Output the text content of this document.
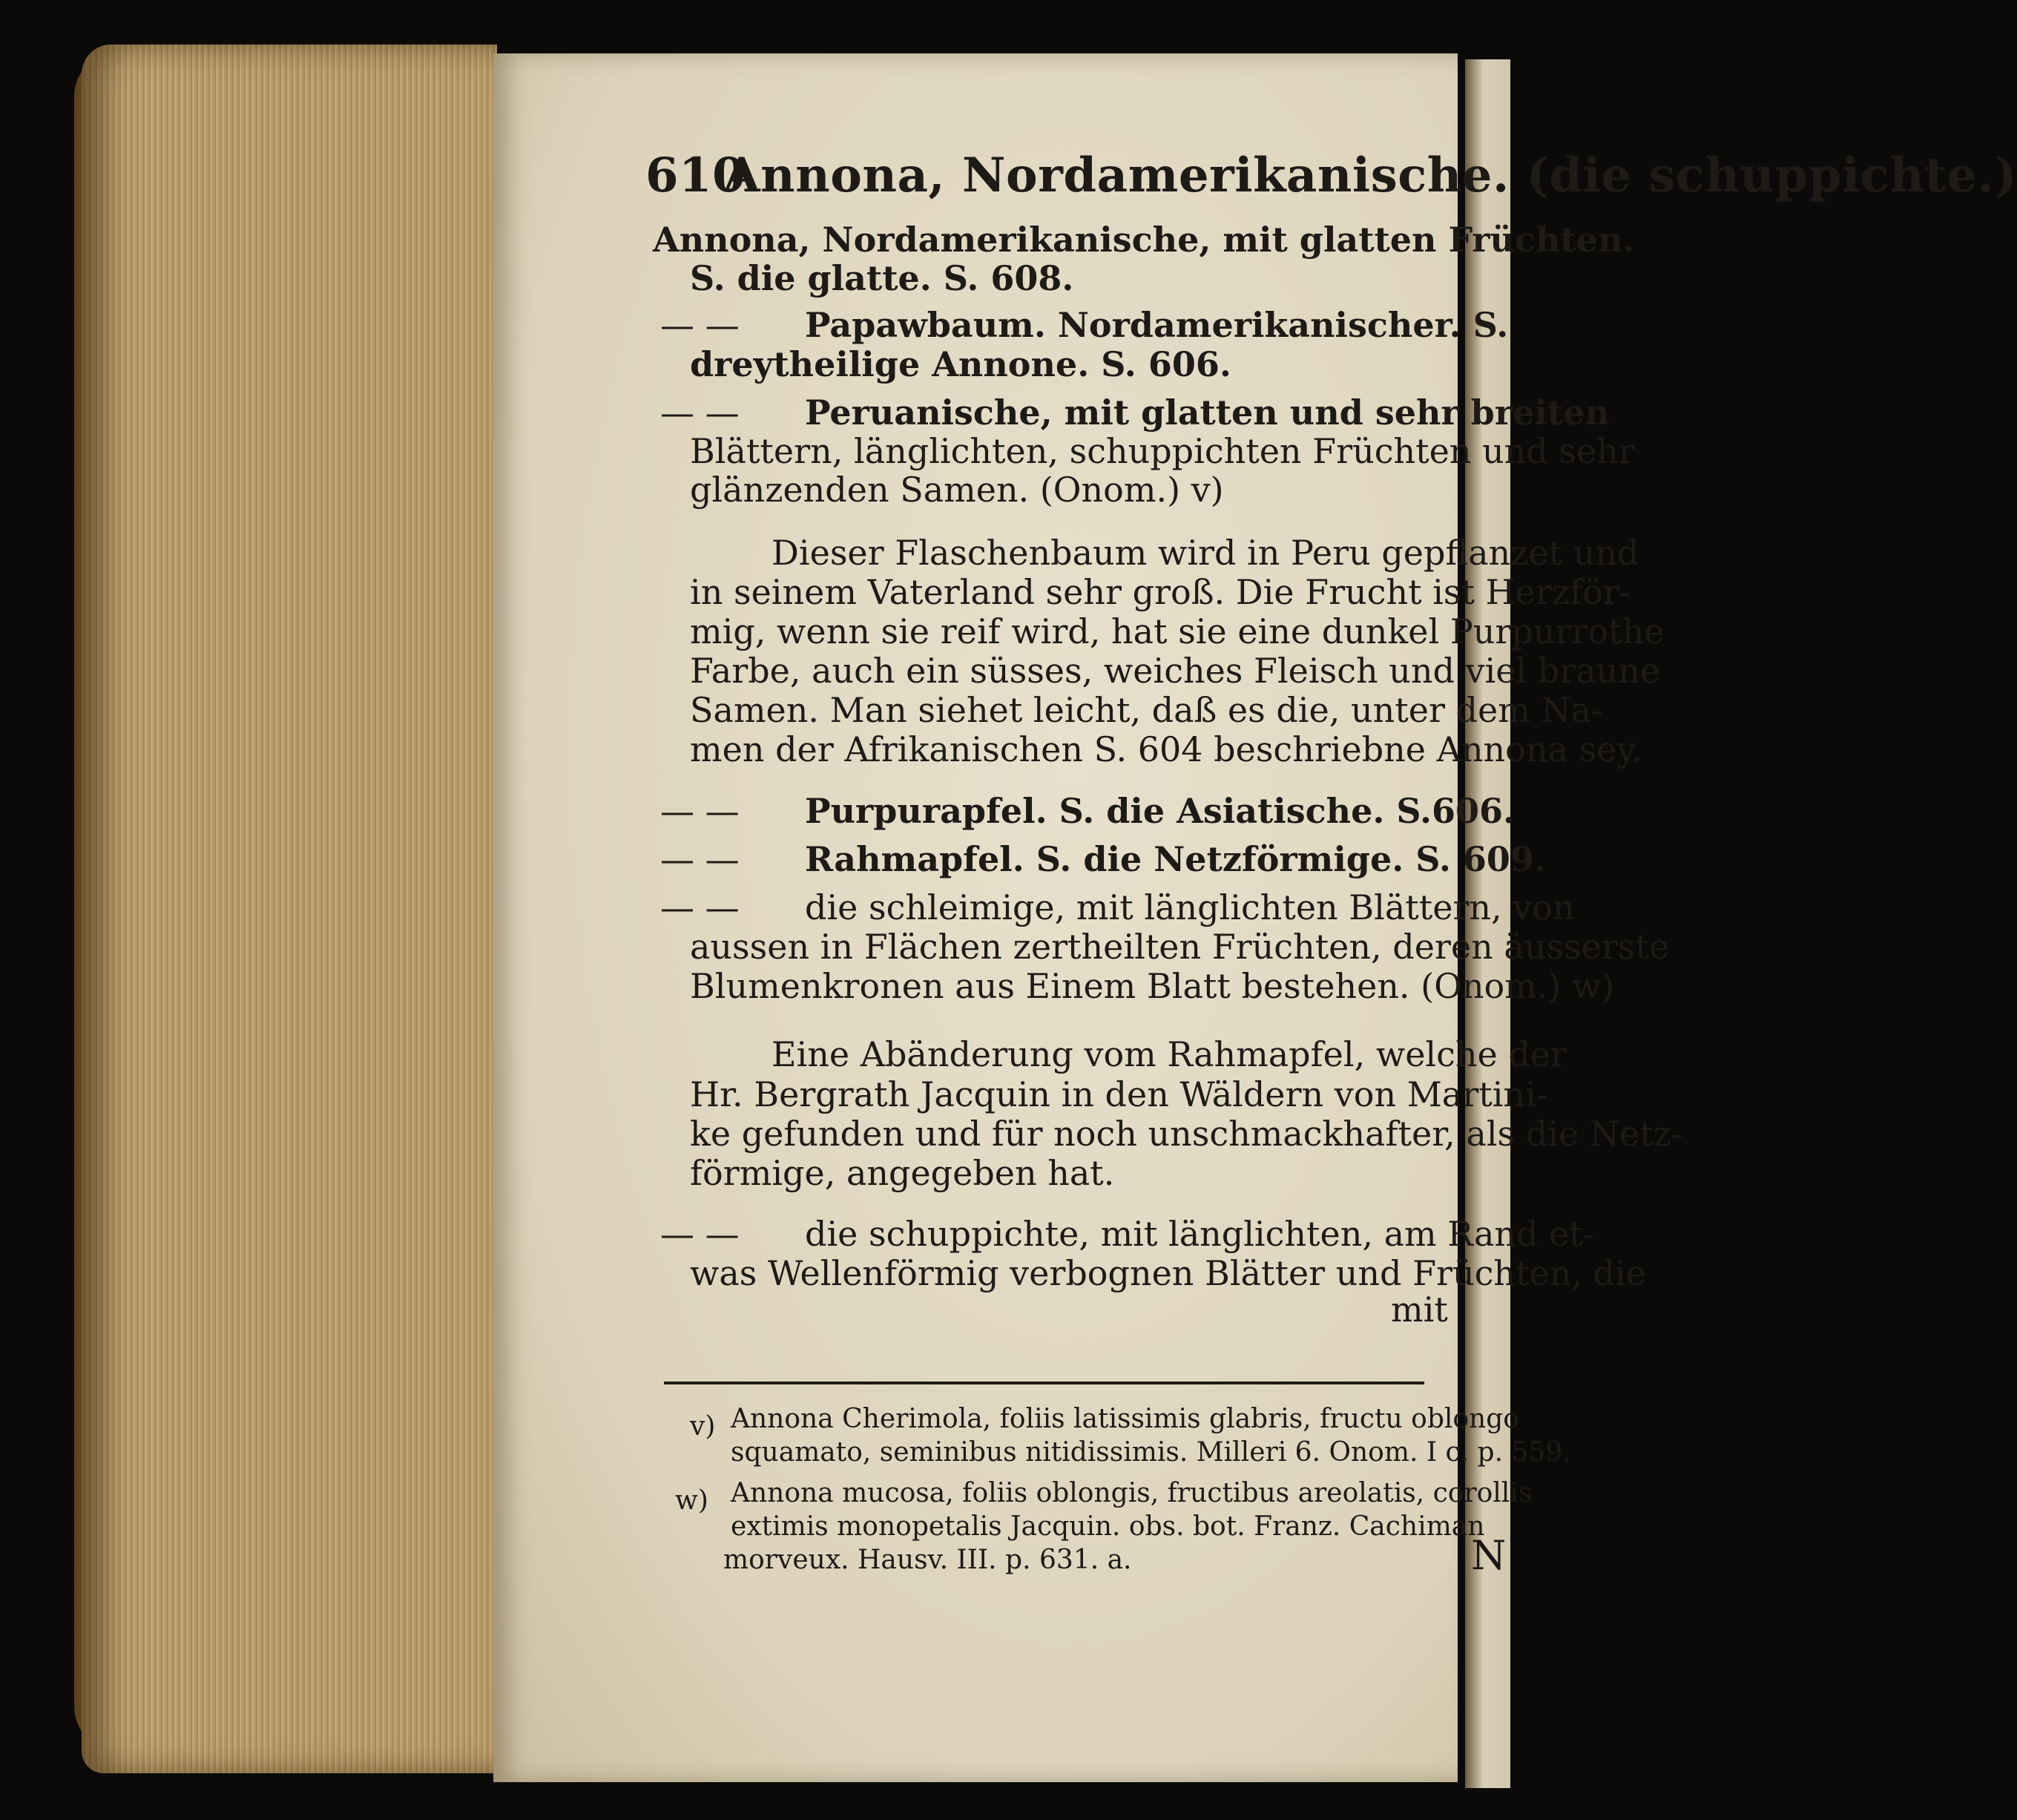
N
610
Annona, Nordamerikanische. (die schuppichte.)
Annona, Nordamerikanische, mit glatten Früchten.
S. die glatte. S. 608.
— — Papawbaum. Nordamerikanischer. S.
dreytheilige Annone. S. 606.
— — Peruanische, mit glatten und sehr breiten
Blättern, länglichten, schuppichten Früchten und sehr
glänzenden Samen. (Onom.) v)
Dieser Flaschenbaum wird in Peru gepflanzet und
in seinem Vaterland sehr groß. Die Frucht ist Herzför-
mig, wenn sie reif wird, hat sie eine dunkel Purpurrothe
Farbe, auch ein süsses, weiches Fleisch und viel braune
Samen. Man siehet leicht, daß es die, unter dem Na-
men der Afrikanischen S. 604 beschriebne Annona sey.
— — Purpurapfel. S. die Asiatische. S.606.
— — Rahmapfel. S. die Netzförmige. S. 609.
— — die schleimige, mit länglichten Blättern, von
aussen in Flächen zertheilten Früchten, deren äusserste
Blumenkronen aus Einem Blatt bestehen. (Onom.) w)
Eine Abänderung vom Rahmapfel, welche der
Hr. Bergrath Jacquin in den Wäldern von Martini-
ke gefunden und für noch unschmackhafter, als die Netz-
förmige, angegeben hat.
— — die schuppichte, mit länglichten, am Rand et-
was Wellenförmig verbognen Blätter und Früchten, die
mit
v) Annona Cherimola, foliis latissimis glabris, fructu oblongo
squamato, seminibus nitidissimis. Milleri 6. Onom. I c. p. 559.
w) Annona mucosa, foliis oblongis, fructibus areolatis, corollis
extimis monopetalis Jacquin. obs. bot. Franz. Cachiman
morveux. Hausv. III. p. 631. a.
